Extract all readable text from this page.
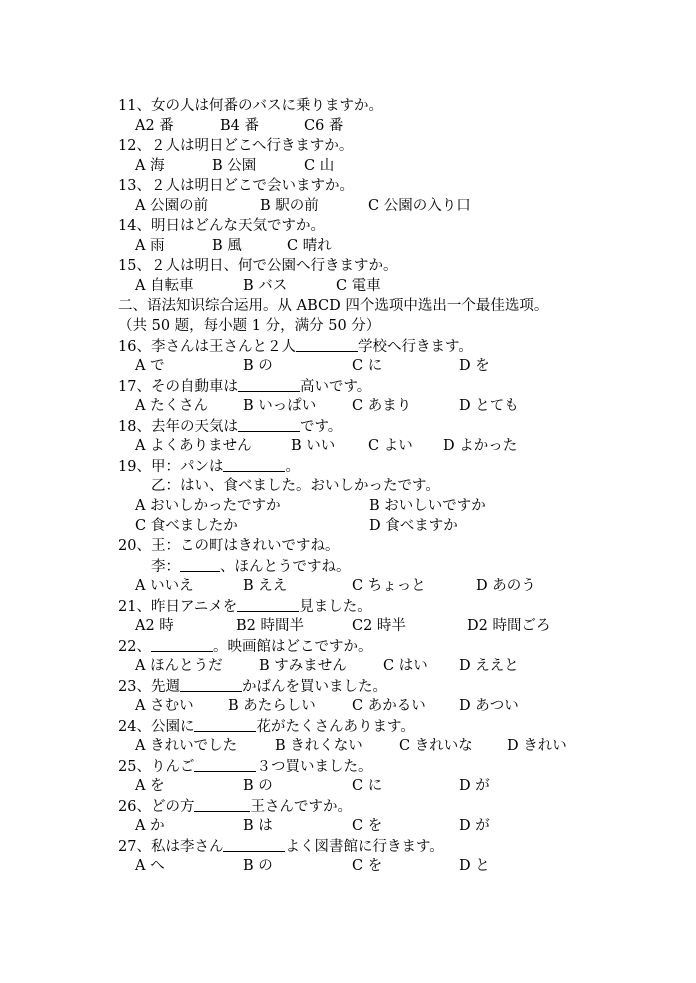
11、女の人は何番のバスに乗りますか。
A2 番	B4 番	C6 番
12、２人は明日どこへ行きますか。
A 海	B 公園	C 山
13、２人は明日どこで会いますか。
A 公園の前	B 駅の前	C 公園の入り口
14、明日はどんな天気ですか。
A 雨	B 風	C 晴れ
15、２人は明日、何で公園へ行きますか。
A 自転車	B バス	C 電車
二、语法知识综合运用。从 ABCD 四个选项中选出一个最佳选项。
（共 50 题，每小题 1 分，满分 50 分）
16、李さんは王さんと２人	学校へ行きます。
A で	B の	C に	D を
17、その自動車は	高いです。
A たくさん B いっぱい C あまり	D とても
18、去年の天気は	です。
A よくありません	B いい C よい D よかった
19、甲：パンは	。
乙：はい、食べました。おいしかったです。
A おいしかったですか	B おいしいですか
C 食べましたか	D 食べますか
20、王：この町はきれいですね。
李：	、ほんとうですね。
A いいえ	B ええ	C ちょっと	D あのう
21、昨日アニメを	見ました。
A2 時	B2 時間半	C2 時半	D2 時間ごろ
22、	。映画館はどこですか。
A ほんとうだ	B すみません C はい D ええと
23、先週	かばんを買いました。
A さむい B あたらしい C あかるい D あつい
24、公園に	花がたくさんあります。
A きれいでした	B きれくない C きれいな D きれい
25、りんご	３つ買いました。
A を	B の	C に	D が
26、どの方	王さんですか。
A か	B は	C を	D が
27、私は李さん	よく図書館に行きます。
A へ	B の	C を	D と
